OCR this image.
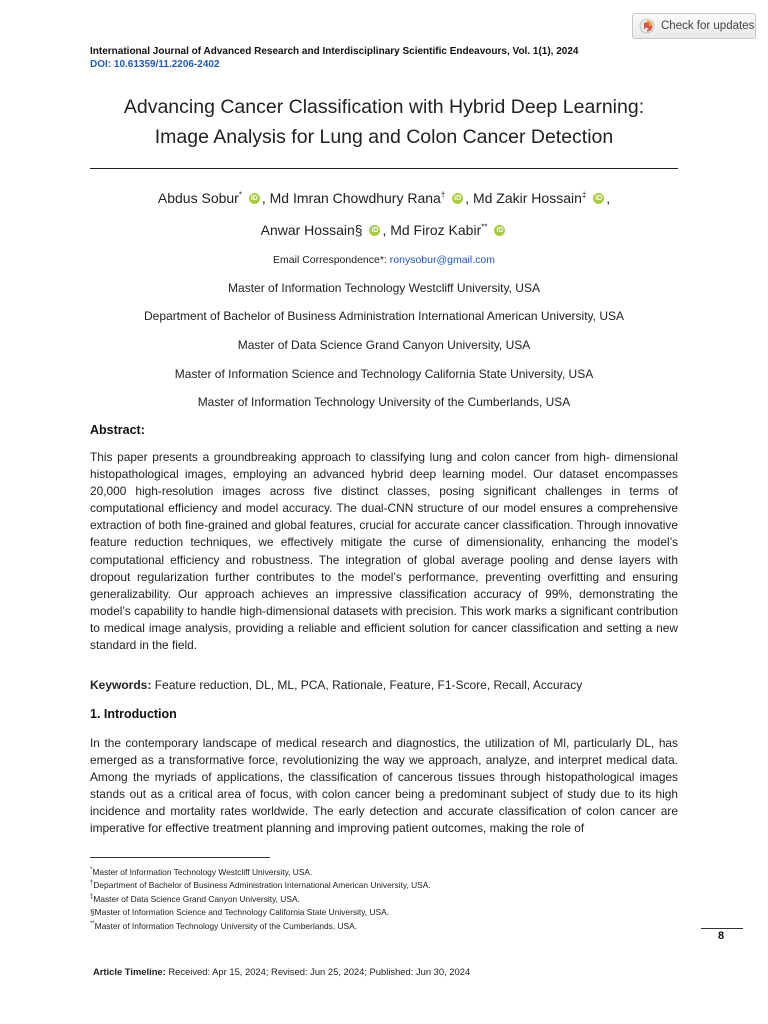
Check for updates
International Journal of Advanced Research and Interdisciplinary Scientific Endeavours, Vol. 1(1), 2024
DOI: 10.61359/11.2206-2402
Advancing Cancer Classification with Hybrid Deep Learning:
Image Analysis for Lung and Colon Cancer Detection
Abdus Sobur* iD , Md Imran Chowdhury Rana† iD , Md Zakir Hossain‡ iD ,
Anwar Hossain§ iD , Md Firoz Kabir** iD
Email Correspondence*: ronysobur@gmail.com
Master of Information Technology Westcliff University, USA
Department of Bachelor of Business Administration International American University, USA
Master of Data Science Grand Canyon University, USA
Master of Information Science and Technology California State University, USA
Master of Information Technology University of the Cumberlands, USA
Abstract:
This paper presents a groundbreaking approach to classifying lung and colon cancer from high- dimensional histopathological images, employing an advanced hybrid deep learning model. Our dataset encompasses 20,000 high-resolution images across five distinct classes, posing significant challenges in terms of computational efficiency and model accuracy. The dual-CNN structure of our model ensures a comprehensive extraction of both fine-grained and global features, crucial for accurate cancer classification. Through innovative feature reduction techniques, we effectively mitigate the curse of dimensionality, enhancing the model’s computational efficiency and robustness. The integration of global average pooling and dense layers with dropout regularization further contributes to the model’s performance, preventing overfitting and ensuring generalizability. Our approach achieves an impressive classification accuracy of 99%, demonstrating the model’s capability to handle high-dimensional datasets with precision. This work marks a significant contribution to medical image analysis, providing a reliable and efficient solution for cancer classification and setting a new standard in the field.
Keywords: Feature reduction, DL, ML, PCA, Rationale, Feature, F1-Score, Recall, Accuracy
1. Introduction
In the contemporary landscape of medical research and diagnostics, the utilization of Ml, particularly DL, has emerged as a transformative force, revolutionizing the way we approach, analyze, and interpret medical data. Among the myriads of applications, the classification of cancerous tissues through histopathological images stands out as a critical area of focus, with colon cancer being a predominant subject of study due to its high incidence and mortality rates worldwide. The early detection and accurate classification of colon cancer are imperative for effective treatment planning and improving patient outcomes, making the role of
*Master of Information Technology Westcliff University, USA.
†Department of Bachelor of Business Administration International American University, USA.
‡Master of Data Science Grand Canyon University, USA.
§Master of Information Science and Technology California State University, USA.
**Master of Information Technology University of the Cumberlands, USA.
8
Article Timeline: Received: Apr 15, 2024; Revised: Jun 25, 2024; Published: Jun 30, 2024
